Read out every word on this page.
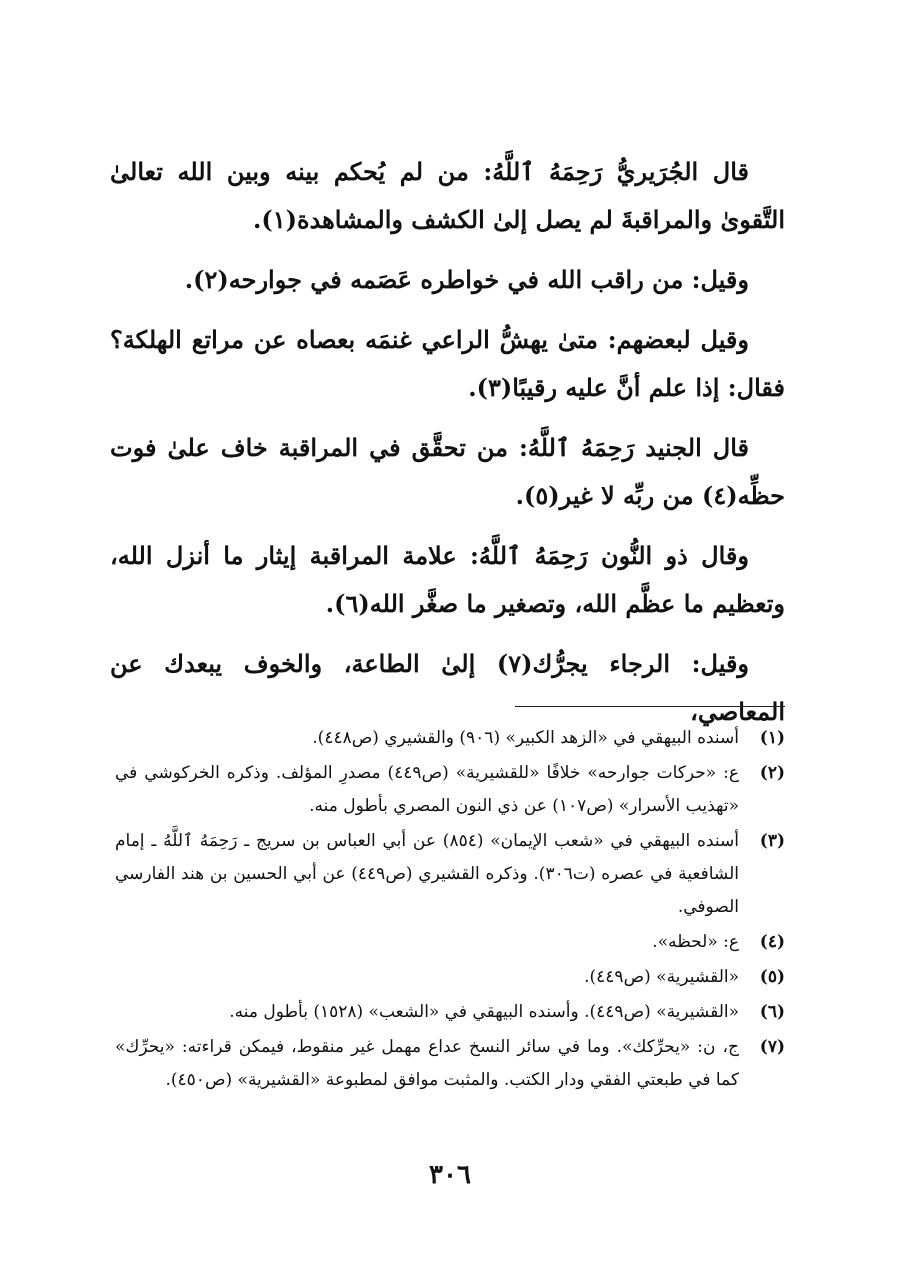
قال الجُرَيريُّ رَحِمَهُ ٱللَّهُ: من لم يُحكم بينه وبين الله تعالىٰ التَّقوىٰ والمراقبةَ لم يصل إلىٰ الكشف والمشاهدة(١).

وقيل: من راقب الله في خواطره عَصَمه في جوارحه(٢).

وقيل لبعضهم: متىٰ يهشُّ الراعي غنمَه بعصاه عن مراتع الهلكة؟ فقال: إذا علم أنَّ عليه رقيبًا(٣).

قال الجنيد رَحِمَهُ ٱللَّهُ: من تحقَّق في المراقبة خاف علىٰ فوت حظِّه(٤) من ربِّه لا غير(٥).

وقال ذو النُّون رَحِمَهُ ٱللَّهُ: علامة المراقبة إيثار ما أنزل الله، وتعظيم ما عظَّم الله، وتصغير ما صغَّر الله(٦).

وقيل: الرجاء يجرُّك(٧) إلىٰ الطاعة، والخوف يبعدك عن المعاصي،

(١)
أسنده البيهقي في «الزهد الكبير» (٩٠٦) والقشيري (ص٤٤٨).
(٢)
ع: «حركات جوارحه» خلافًا «للقشيرية» (ص٤٤٩) مصدرِ المؤلف. وذكره الخركوشي في «تهذيب الأسرار» (ص١٠٧) عن ذي النون المصري بأطول منه.
(٣)
أسنده البيهقي في «شعب الإيمان» (٨٥٤) عن أبي العباس بن سريج ـ رَحِمَهُ ٱللَّهُ ـ إمام الشافعية في عصره (ت٣٠٦). وذكره القشيري (ص٤٤٩) عن أبي الحسين بن هند الفارسي الصوفي.
(٤)
ع: «لحظه».
(٥)
«القشيرية» (ص٤٤٩).
(٦)
«القشيرية» (ص٤٤٩). وأسنده البيهقي في «الشعب» (١٥٢٨) بأطول منه.
(٧)
ج، ن: «يحرِّكك». وما في سائر النسخ عداع مهمل غير منقوط، فيمكن قراءته: «يحرِّك» كما في طبعتي الفقي ودار الكتب. والمثبت موافق لمطبوعة «القشيرية» (ص٤٥٠).
٣٠٦
